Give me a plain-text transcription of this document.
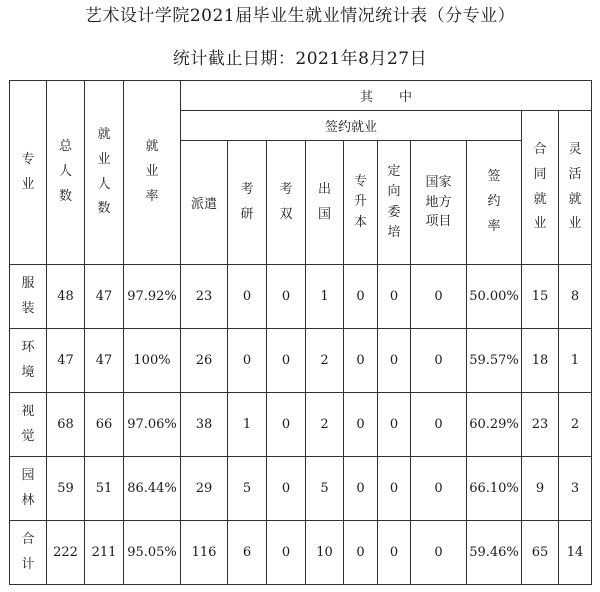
艺术设计学院2021届毕业生就业情况统计表（分专业）
统计截止日期：2021年8月27日
专业	总人数	就业人数	就业率	其　　中									
				签约就业								合同就业	灵活就业
				派遣	考研	考双	出国	专升本	定向委培	国家地方项目	签约率		
服装	48	47	97.92%	23	0	0	1	0	0	0	50.00%	15	8
环境	47	47	100%	26	0	0	2	0	0	0	59.57%	18	1
视觉	68	66	97.06%	38	1	0	2	0	0	0	60.29%	23	2
园林	59	51	86.44%	29	5	0	5	0	0	0	66.10%	9	3
合计	222	211	95.05%	116	6	0	10	0	0	0	59.46%	65	14
